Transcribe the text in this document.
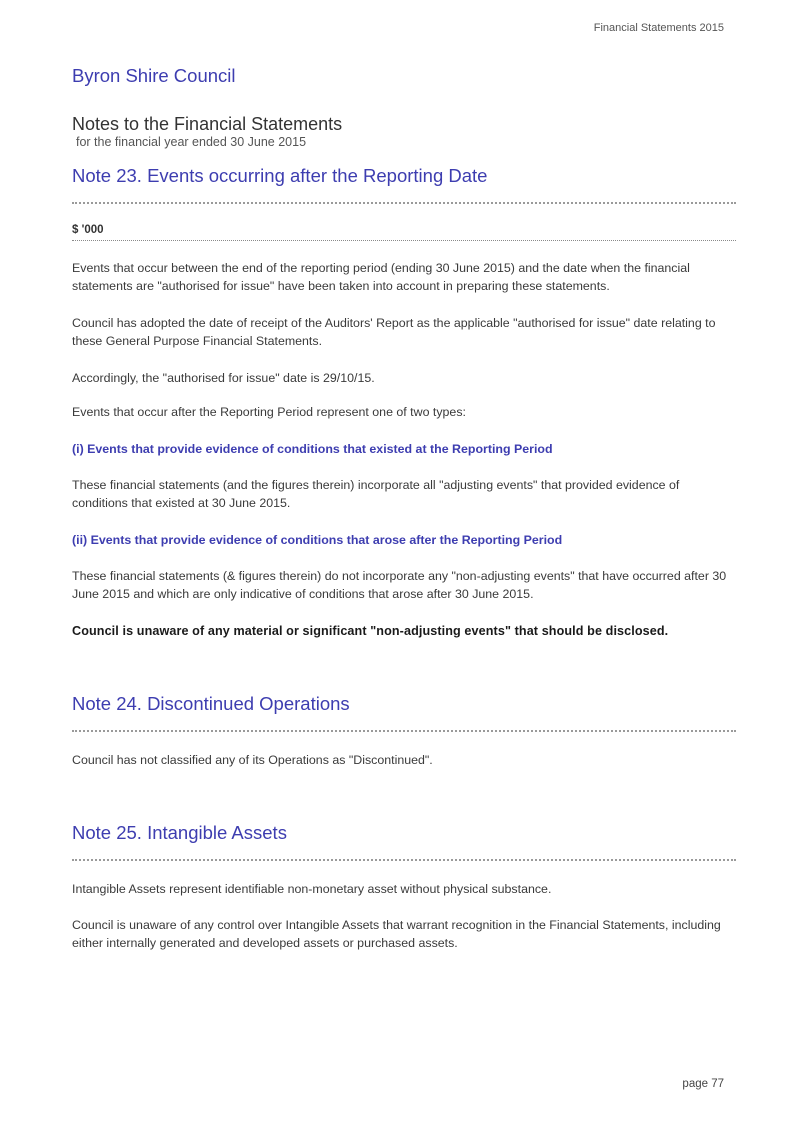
Financial Statements 2015
Byron Shire Council
Notes to the Financial Statements
for the financial year ended 30 June 2015
Note 23. Events occurring after the Reporting Date
$ '000
Events that occur between the end of the reporting period (ending 30 June 2015) and the date when the financial statements are "authorised for issue" have been taken into account in preparing these statements.
Council has adopted the date of receipt of the Auditors' Report as the applicable "authorised for issue" date relating to these General Purpose Financial Statements.
Accordingly, the "authorised for issue" date is 29/10/15.
Events that occur after the Reporting Period represent one of two types:
(i) Events that provide evidence of conditions that existed at the Reporting Period
These financial statements (and the figures therein) incorporate all "adjusting events" that provided evidence of conditions that existed at 30 June 2015.
(ii) Events that provide evidence of conditions that arose after the Reporting Period
These financial statements (& figures therein) do not incorporate any "non-adjusting events" that have occurred after 30 June 2015 and which are only indicative of conditions that arose after 30 June 2015.
Council is unaware of any material or significant "non-adjusting events" that should be disclosed.
Note 24. Discontinued Operations
Council has not classified any of its Operations as "Discontinued".
Note 25. Intangible Assets
Intangible Assets represent identifiable non-monetary asset without physical substance.
Council is unaware of any control over Intangible Assets that warrant recognition in the Financial Statements, including either internally generated and developed assets or purchased assets.
page 77
